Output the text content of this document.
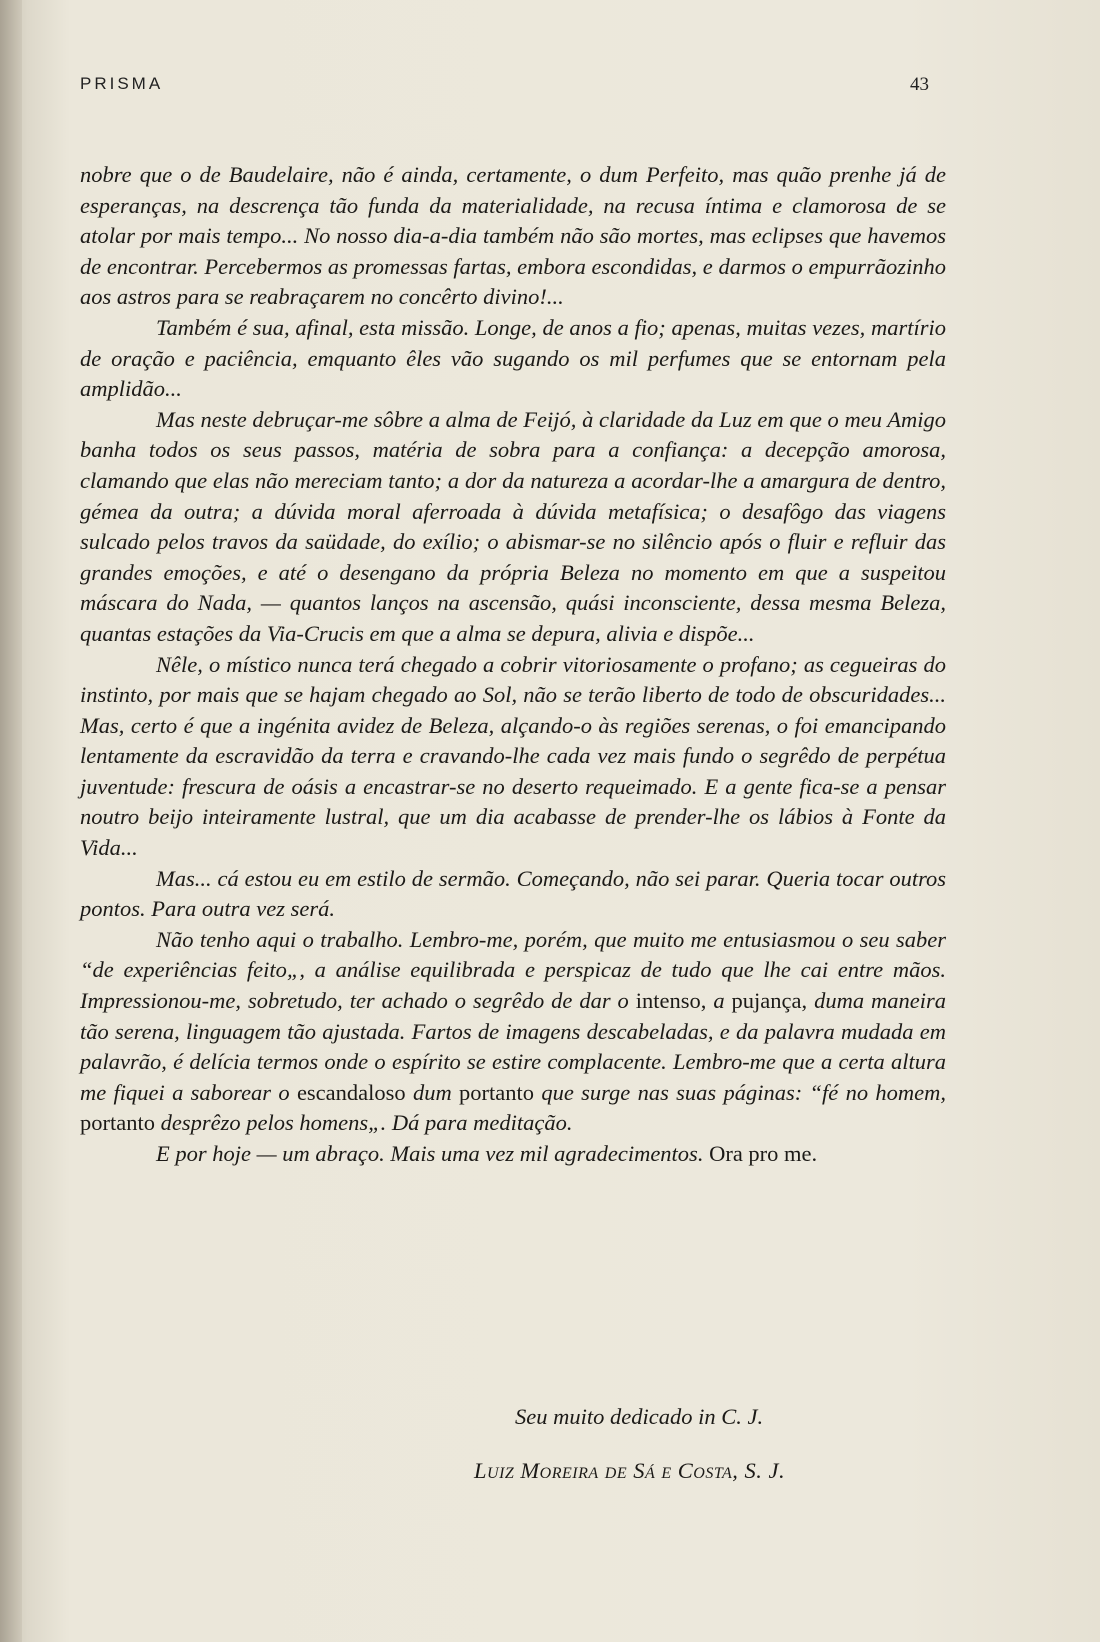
PRISMA	43

nobre que o de Baudelaire, não é ainda, certamente, o dum Perfeito, mas quão prenhe já de esperanças, na descrença tão funda da materialidade, na recusa íntima e clamorosa de se atolar por mais tempo... No nosso dia-a-dia também não são mortes, mas eclipses que havemos de encontrar. Percebermos as promessas fartas, embora escondidas, e darmos o empurrãozinho aos astros para se reabraçarem no concêrto divino!...

Também é sua, afinal, esta missão. Longe, de anos a fio; apenas, muitas vezes, martírio de oração e paciência, emquanto êles vão sugando os mil perfumes que se entornam pela amplidão...

Mas neste debruçar-me sôbre a alma de Feijó, à claridade da Luz em que o meu Amigo banha todos os seus passos, matéria de sobra para a confiança: a decepção amorosa, clamando que elas não mereciam tanto; a dor da natureza a acordar-lhe a amargura de dentro, gémea da outra; a dúvida moral aferroada à dúvida metafísica; o desafôgo das viagens sulcado pelos travos da saüdade, do exílio; o abismar-se no silêncio após o fluir e refluir das grandes emoções, e até o desengano da própria Beleza no momento em que a suspeitou máscara do Nada, — quantos lanços na ascensão, quási inconsciente, dessa mesma Beleza, quantas estações da Via-Crucis em que a alma se depura, alivia e dispõe...

Nêle, o místico nunca terá chegado a cobrir vitoriosamente o profano; as cegueiras do instinto, por mais que se hajam chegado ao Sol, não se terão liberto de todo de obscuridades... Mas, certo é que a ingénita avidez de Beleza, alçando-o às regiões serenas, o foi emancipando lentamente da escravidão da terra e cravando-lhe cada vez mais fundo o segrêdo de perpétua juventude: frescura de oásis a encastrar-se no deserto requeimado. E a gente fica-se a pensar noutro beijo inteiramente lustral, que um dia acabasse de prender-lhe os lábios à Fonte da Vida...

Mas... cá estou eu em estilo de sermão. Começando, não sei parar. Queria tocar outros pontos. Para outra vez será.

Não tenho aqui o trabalho. Lembro-me, porém, que muito me entusiasmou o seu saber “de experiências feito„, a análise equilibrada e perspicaz de tudo que lhe cai entre mãos. Impressionou-me, sobretudo, ter achado o segrêdo de dar o intenso, a pujança, duma maneira tão serena, linguagem tão ajustada. Fartos de imagens descabeladas, e da palavra mudada em palavrão, é delícia termos onde o espírito se estire complacente. Lembro-me que a certa altura me fiquei a saborear o escandaloso dum portanto que surge nas suas páginas: “fé no homem, portanto desprêzo pelos homens„. Dá para meditação.

E por hoje — um abraço. Mais uma vez mil agradecimentos. Ora pro me.

Seu muito dedicado in C. J.
Luiz Moreira de Sá e Costa, S. J.
